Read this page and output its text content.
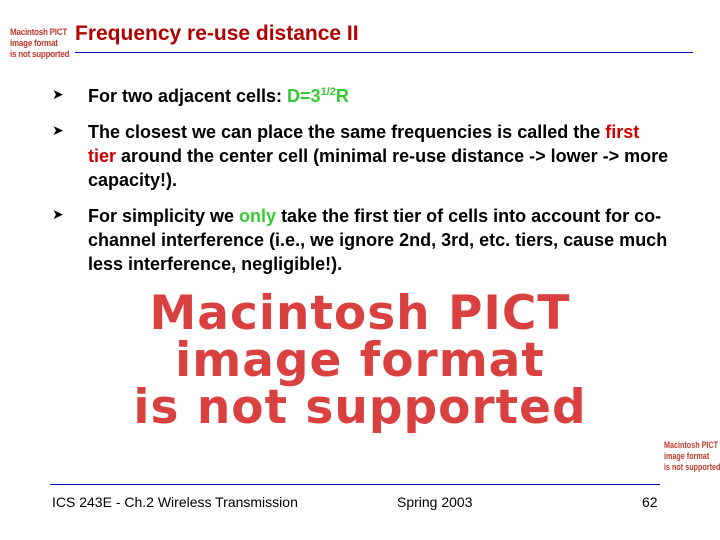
Macintosh PICT
image format
is not supported
Frequency re-use distance II
➤ For two adjacent cells: $D=3^{1/2}R$
➤ The closest we can place the same frequencies is called the first tier around the center cell (minimal re-use distance -> lower -> more capacity!).
➤ For simplicity we only take the first tier of cells into account for co-channel interference (i.e., we ignore 2nd, 3rd, etc. tiers, cause much less interference, negligible!).
Macintosh PICT
image format
is not supported
Macintosh PICT
image format
is not supported
ICS 243E - Ch.2 Wireless Transmission	Spring 2003	62
